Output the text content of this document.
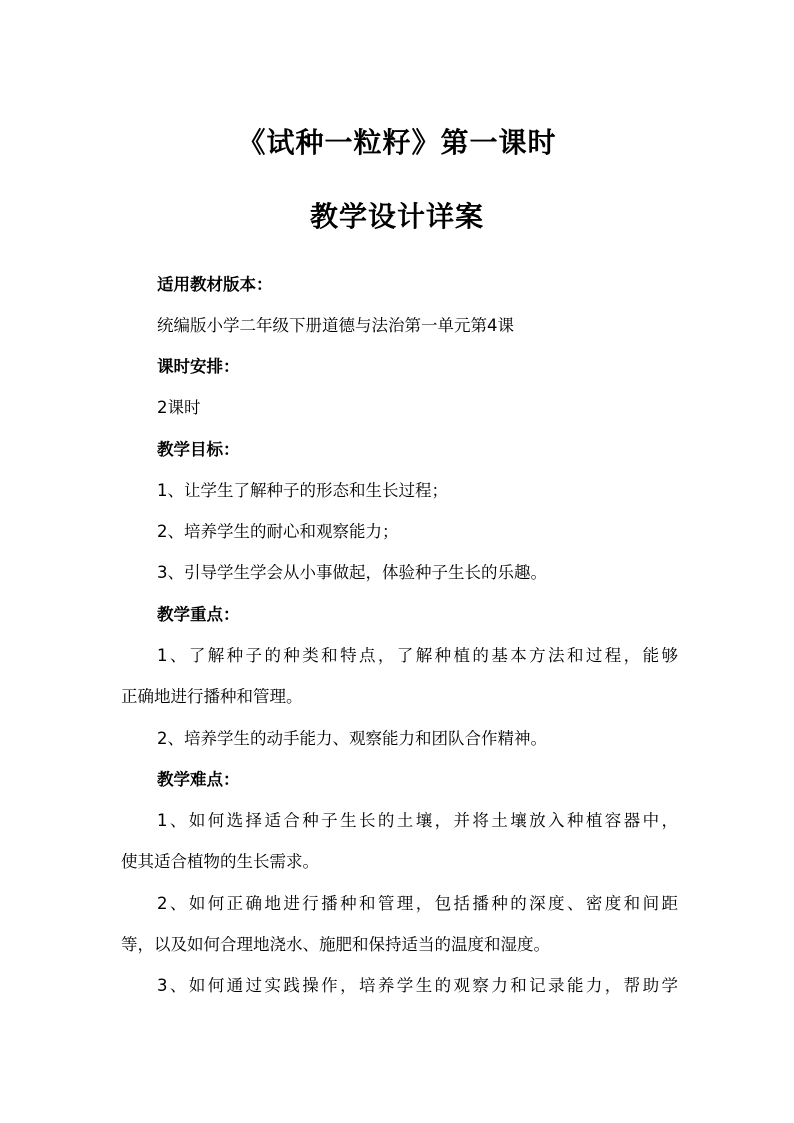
《试种一粒籽》第一课时
教学设计详案
适用教材版本：
统编版小学二年级下册道德与法治第一单元第4课
课时安排：
2课时
教学目标：
1、让学生了解种子的形态和生长过程；
2、培养学生的耐心和观察能力；
3、引导学生学会从小事做起，体验种子生长的乐趣。
教学重点：
1、了解种子的种类和特点，了解种植的基本方法和过程，能够
正确地进行播种和管理。
2、培养学生的动手能力、观察能力和团队合作精神。
教学难点：
1、如何选择适合种子生长的土壤，并将土壤放入种植容器中，
使其适合植物的生长需求。
2、如何正确地进行播种和管理，包括播种的深度、密度和间距
等，以及如何合理地浇水、施肥和保持适当的温度和湿度。
3、如何通过实践操作，培养学生的观察力和记录能力，帮助学
